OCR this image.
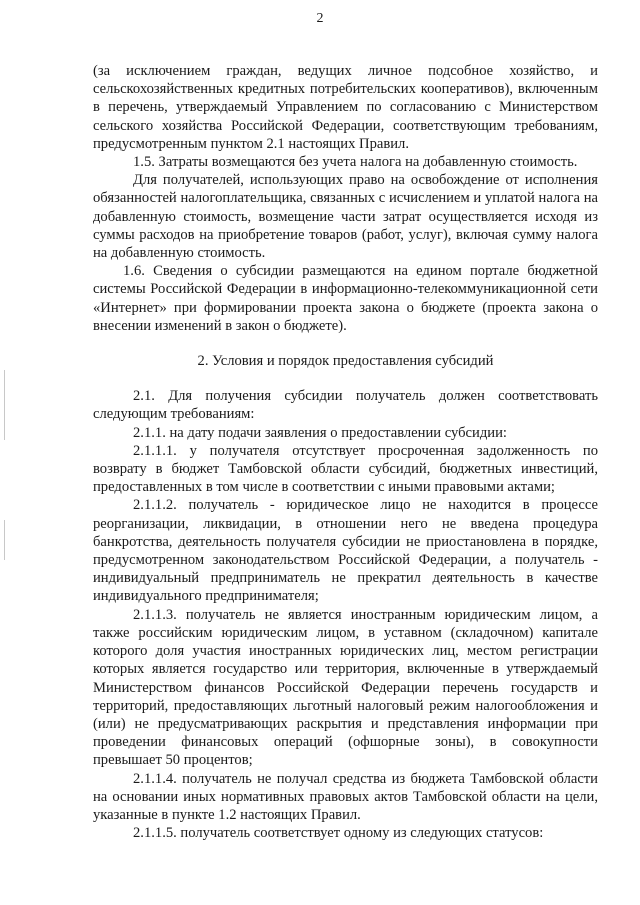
2

(за исключением граждан, ведущих личное подсобное хозяйство, и сельскохозяйственных кредитных потребительских кооперативов), включенным в перечень, утверждаемый Управлением по согласованию с Министерством сельского хозяйства Российской Федерации, соответствующим требованиям, предусмотренным пунктом 2.1 настоящих Правил.

1.5. Затраты возмещаются без учета налога на добавленную стоимость.

Для получателей, использующих право на освобождение от исполнения обязанностей налогоплательщика, связанных с исчислением и уплатой налога на добавленную стоимость, возмещение части затрат осуществляется исходя из суммы расходов на приобретение товаров (работ, услуг), включая сумму налога на добавленную стоимость.

1.6. Сведения о субсидии размещаются на едином портале бюджетной системы Российской Федерации в информационно-телекоммуникационной сети «Интернет» при формировании проекта закона о бюджете (проекта закона о внесении изменений в закон о бюджете).

2. Условия и порядок предоставления субсидий

2.1. Для получения субсидии получатель должен соответствовать следующим требованиям:

2.1.1. на дату подачи заявления о предоставлении субсидии:

2.1.1.1. у получателя отсутствует просроченная задолженность по возврату в бюджет Тамбовской области субсидий, бюджетных инвестиций, предоставленных в том числе в соответствии с иными правовыми актами;

2.1.1.2. получатель - юридическое лицо не находится в процессе реорганизации, ликвидации, в отношении него не введена процедура банкротства, деятельность получателя субсидии не приостановлена в порядке, предусмотренном законодательством Российской Федерации, а получатель - индивидуальный предприниматель не прекратил деятельность в качестве индивидуального предпринимателя;

2.1.1.3. получатель не является иностранным юридическим лицом, а также российским юридическим лицом, в уставном (складочном) капитале которого доля участия иностранных юридических лиц, местом регистрации которых является государство или территория, включенные в утверждаемый Министерством финансов Российской Федерации перечень государств и территорий, предоставляющих льготный налоговый режим налогообложения и (или) не предусматривающих раскрытия и представления информации при проведении финансовых операций (офшорные зоны), в совокупности превышает 50 процентов;

2.1.1.4. получатель не получал средства из бюджета Тамбовской области на основании иных нормативных правовых актов Тамбовской области на цели, указанные в пункте 1.2 настоящих Правил.

2.1.1.5. получатель соответствует одному из следующих статусов:
